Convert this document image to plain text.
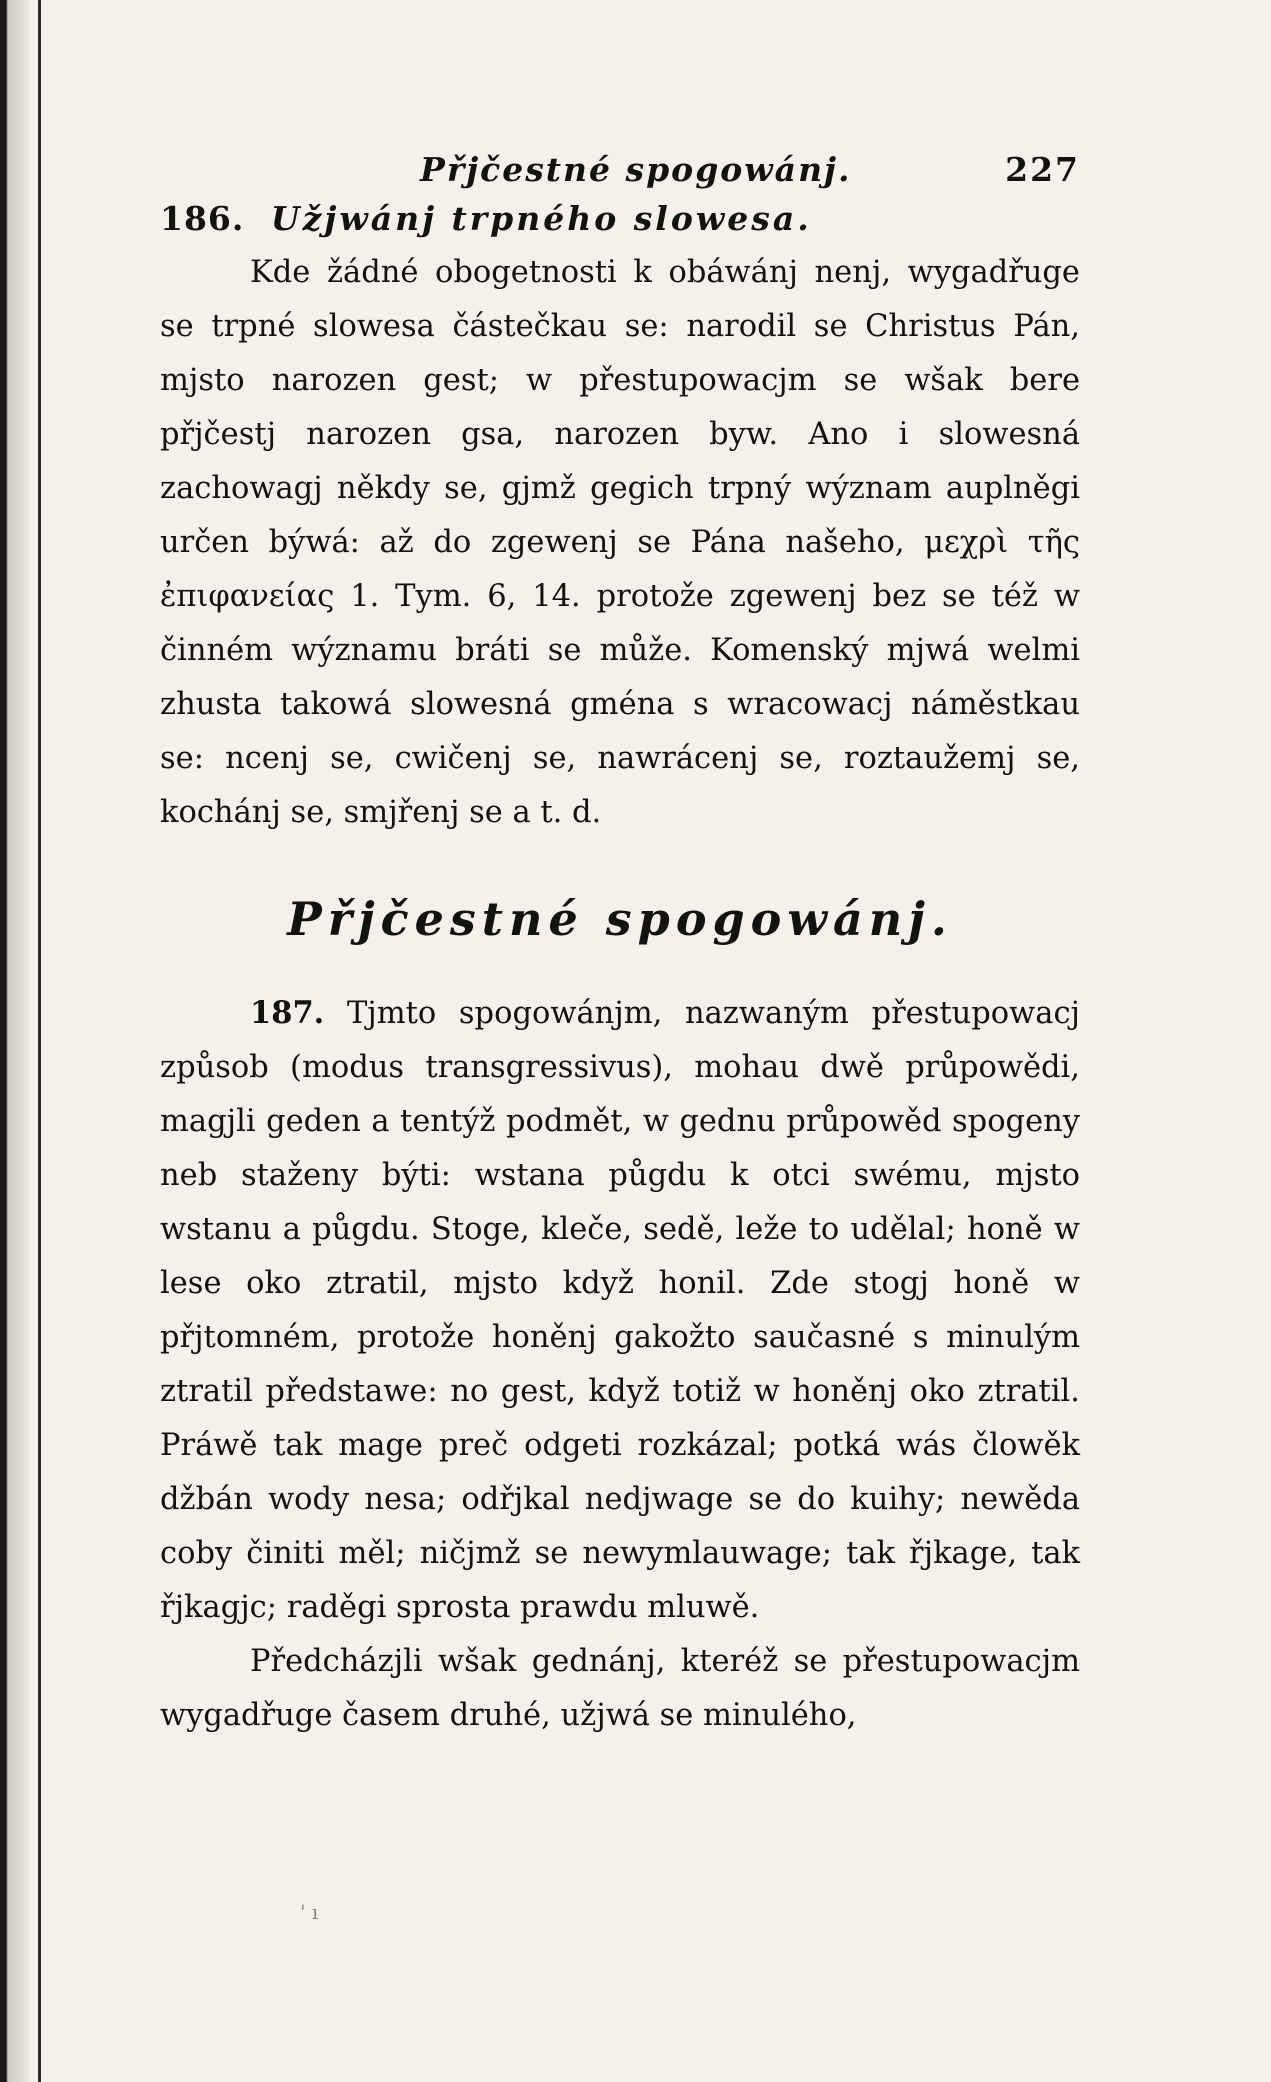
Přjčestné spogowánj.	227
186. Užjwánj trpného slowesa.

Kde žádné obogetnosti k obáwánj nenj, wygadřuge se trpné slowesa částečkau se: narodil se Christus Pán, mjsto narozen gest; w přestupowacjm se wšak bere přjčestj narozen gsa, narozen byw. Ano i slowesná zachowagj někdy se, gjmž gegich trpný wýznam auplněgi určen býwá: až do zgewenj se Pána našeho, μεχρὶ τῆς ἐπιφανείας 1. Tym. 6, 14. protože zgewenj bez se též w činném wýznamu bráti se může. Komenský mjwá welmi zhusta takowá slowesná gména s wracowacj náměstkau se: ncenj se, cwičenj se, nawrácenj se, roztaužemj se, kochánj se, smjřenj se a t. d.

Přjčestné spogowánj.

187. Tjmto spogowánjm, nazwaným přestupowacj způsob (modus transgressivus), mohau dwě průpowědi, magjli geden a tentýž podmět, w gednu průpowěd spogeny neb staženy býti: wstana půgdu k otci swému, mjsto wstanu a půgdu. Stoge, kleče, sedě, leže to udělal; honě w lese oko ztratil, mjsto když honil. Zde stogj honě w přjtomném, protože honěnj gakožto saučasné s minulým ztratil předstawe: no gest, když totiž w honěnj oko ztratil. Práwě tak mage preč odgeti rozkázal; potká wás člowěk džbán wody nesa; odřjkal nedjwage se do kuihy; newěda coby činiti měl; ničjmž se newymlauwage; tak řjkage, tak řjkagjc; raděgi sprosta prawdu mluwě.

Předcházjli wšak gednánj, kteréž se přestupowacjm wygadřuge časem druhé, užjwá se minulého,

' ı
